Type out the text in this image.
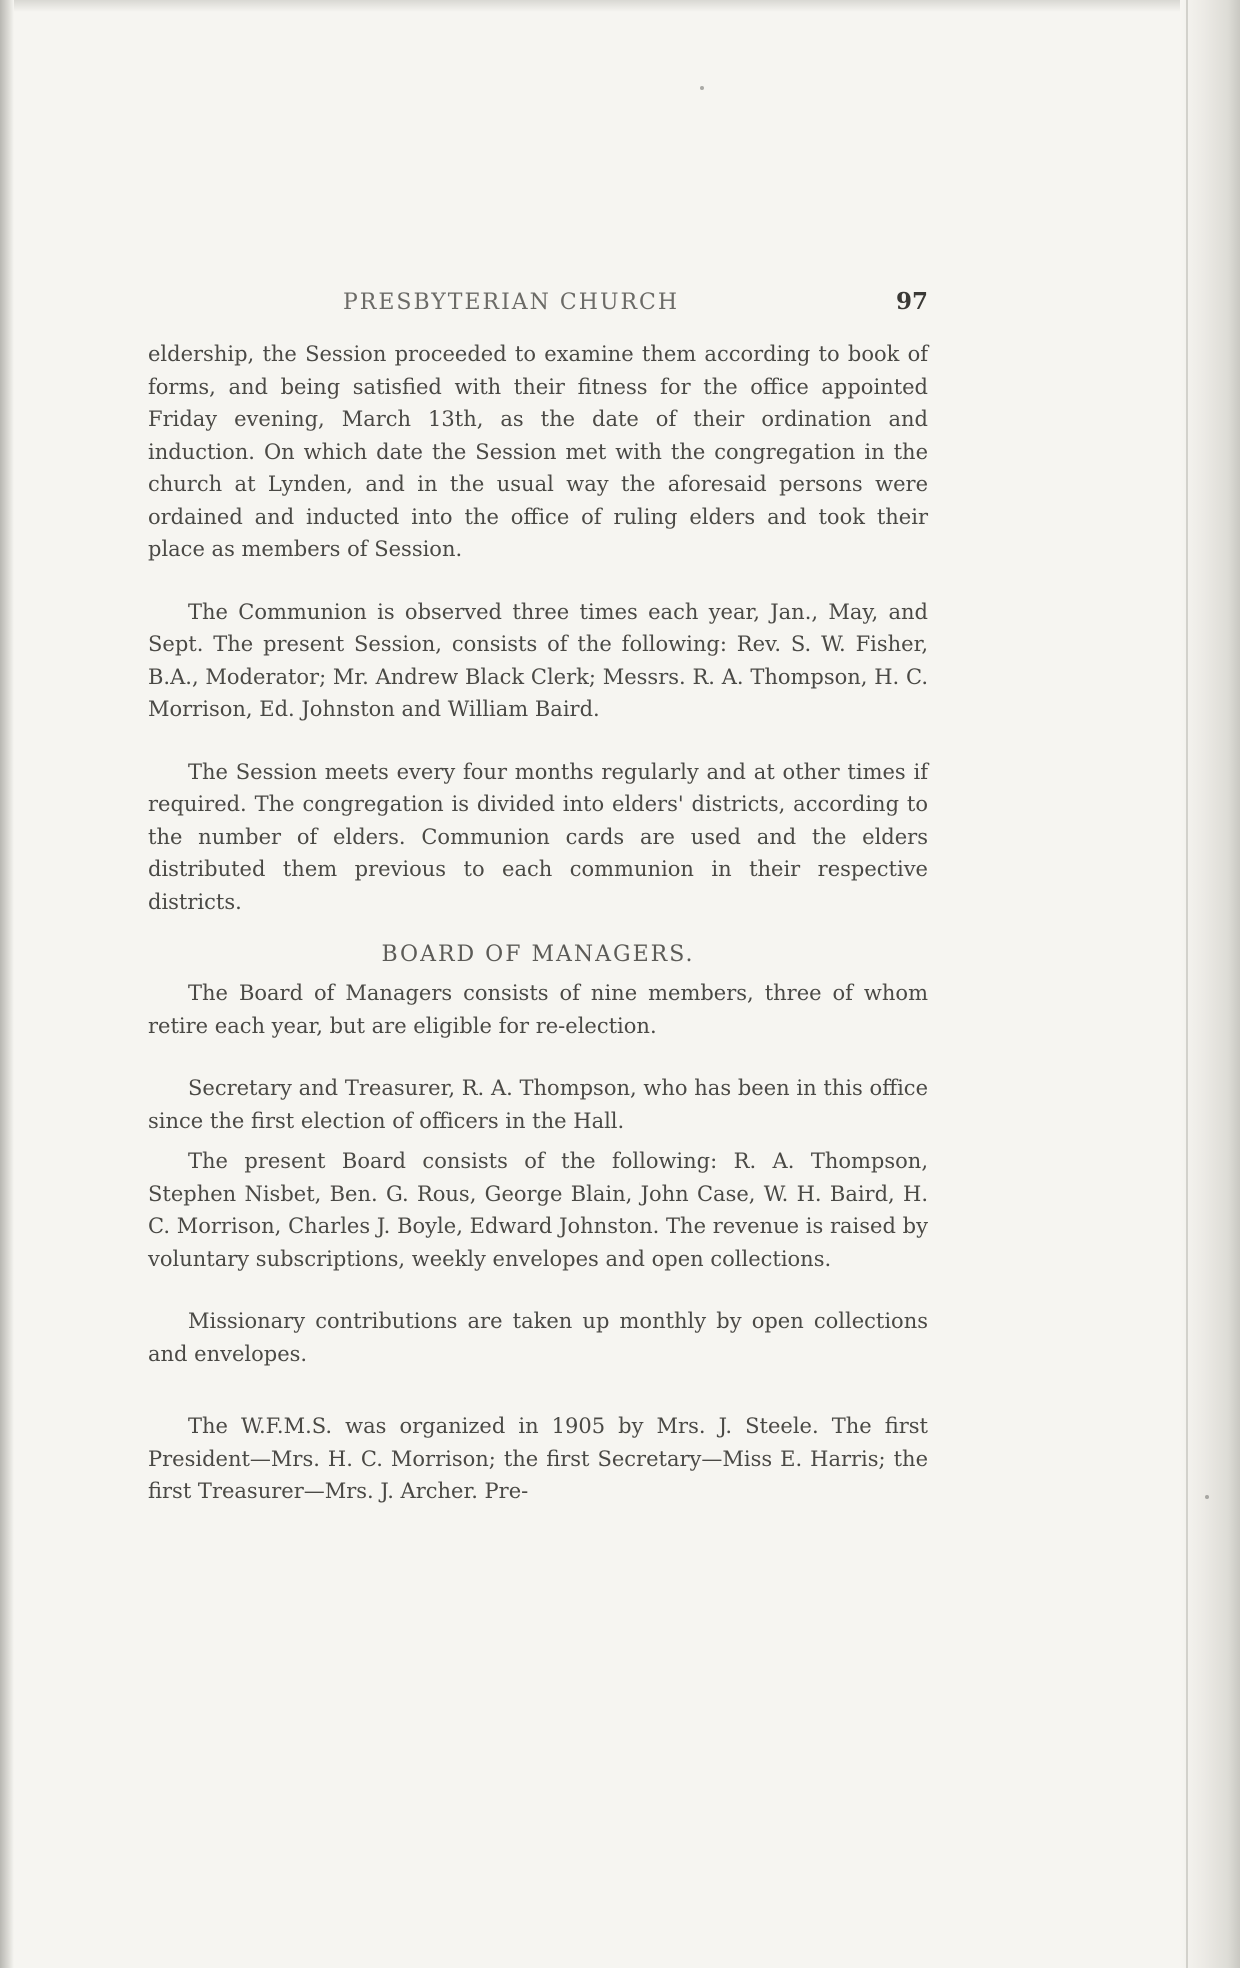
PRESBYTERIAN CHURCH	97

eldership, the Session proceeded to examine them according to book of forms, and being satisfied with their fitness for the office appointed Friday evening, March 13th, as the date of their ordination and induction. On which date the Session met with the congregation in the church at Lynden, and in the usual way the aforesaid persons were ordained and inducted into the office of ruling elders and took their place as members of Session.

The Communion is observed three times each year, Jan., May, and Sept. The present Session, consists of the following: Rev. S. W. Fisher, B.A., Moderator; Mr. Andrew Black Clerk; Messrs. R. A. Thompson, H. C. Morrison, Ed. Johnston and William Baird.

The Session meets every four months regularly and at other times if required. The congregation is divided into elders' districts, according to the number of elders. Communion cards are used and the elders distributed them previous to each communion in their respective districts.

BOARD OF MANAGERS.

The Board of Managers consists of nine members, three of whom retire each year, but are eligible for re-election.

Secretary and Treasurer, R. A. Thompson, who has been in this office since the first election of officers in the Hall.

The present Board consists of the following: R. A. Thompson, Stephen Nisbet, Ben. G. Rous, George Blain, John Case, W. H. Baird, H. C. Morrison, Charles J. Boyle, Edward Johnston. The revenue is raised by voluntary subscriptions, weekly envelopes and open collections.

Missionary contributions are taken up monthly by open collections and envelopes.

The W.F.M.S. was organized in 1905 by Mrs. J. Steele. The first President—Mrs. H. C. Morrison; the first Secretary—Miss E. Harris; the first Treasurer—Mrs. J. Archer. Pre-
